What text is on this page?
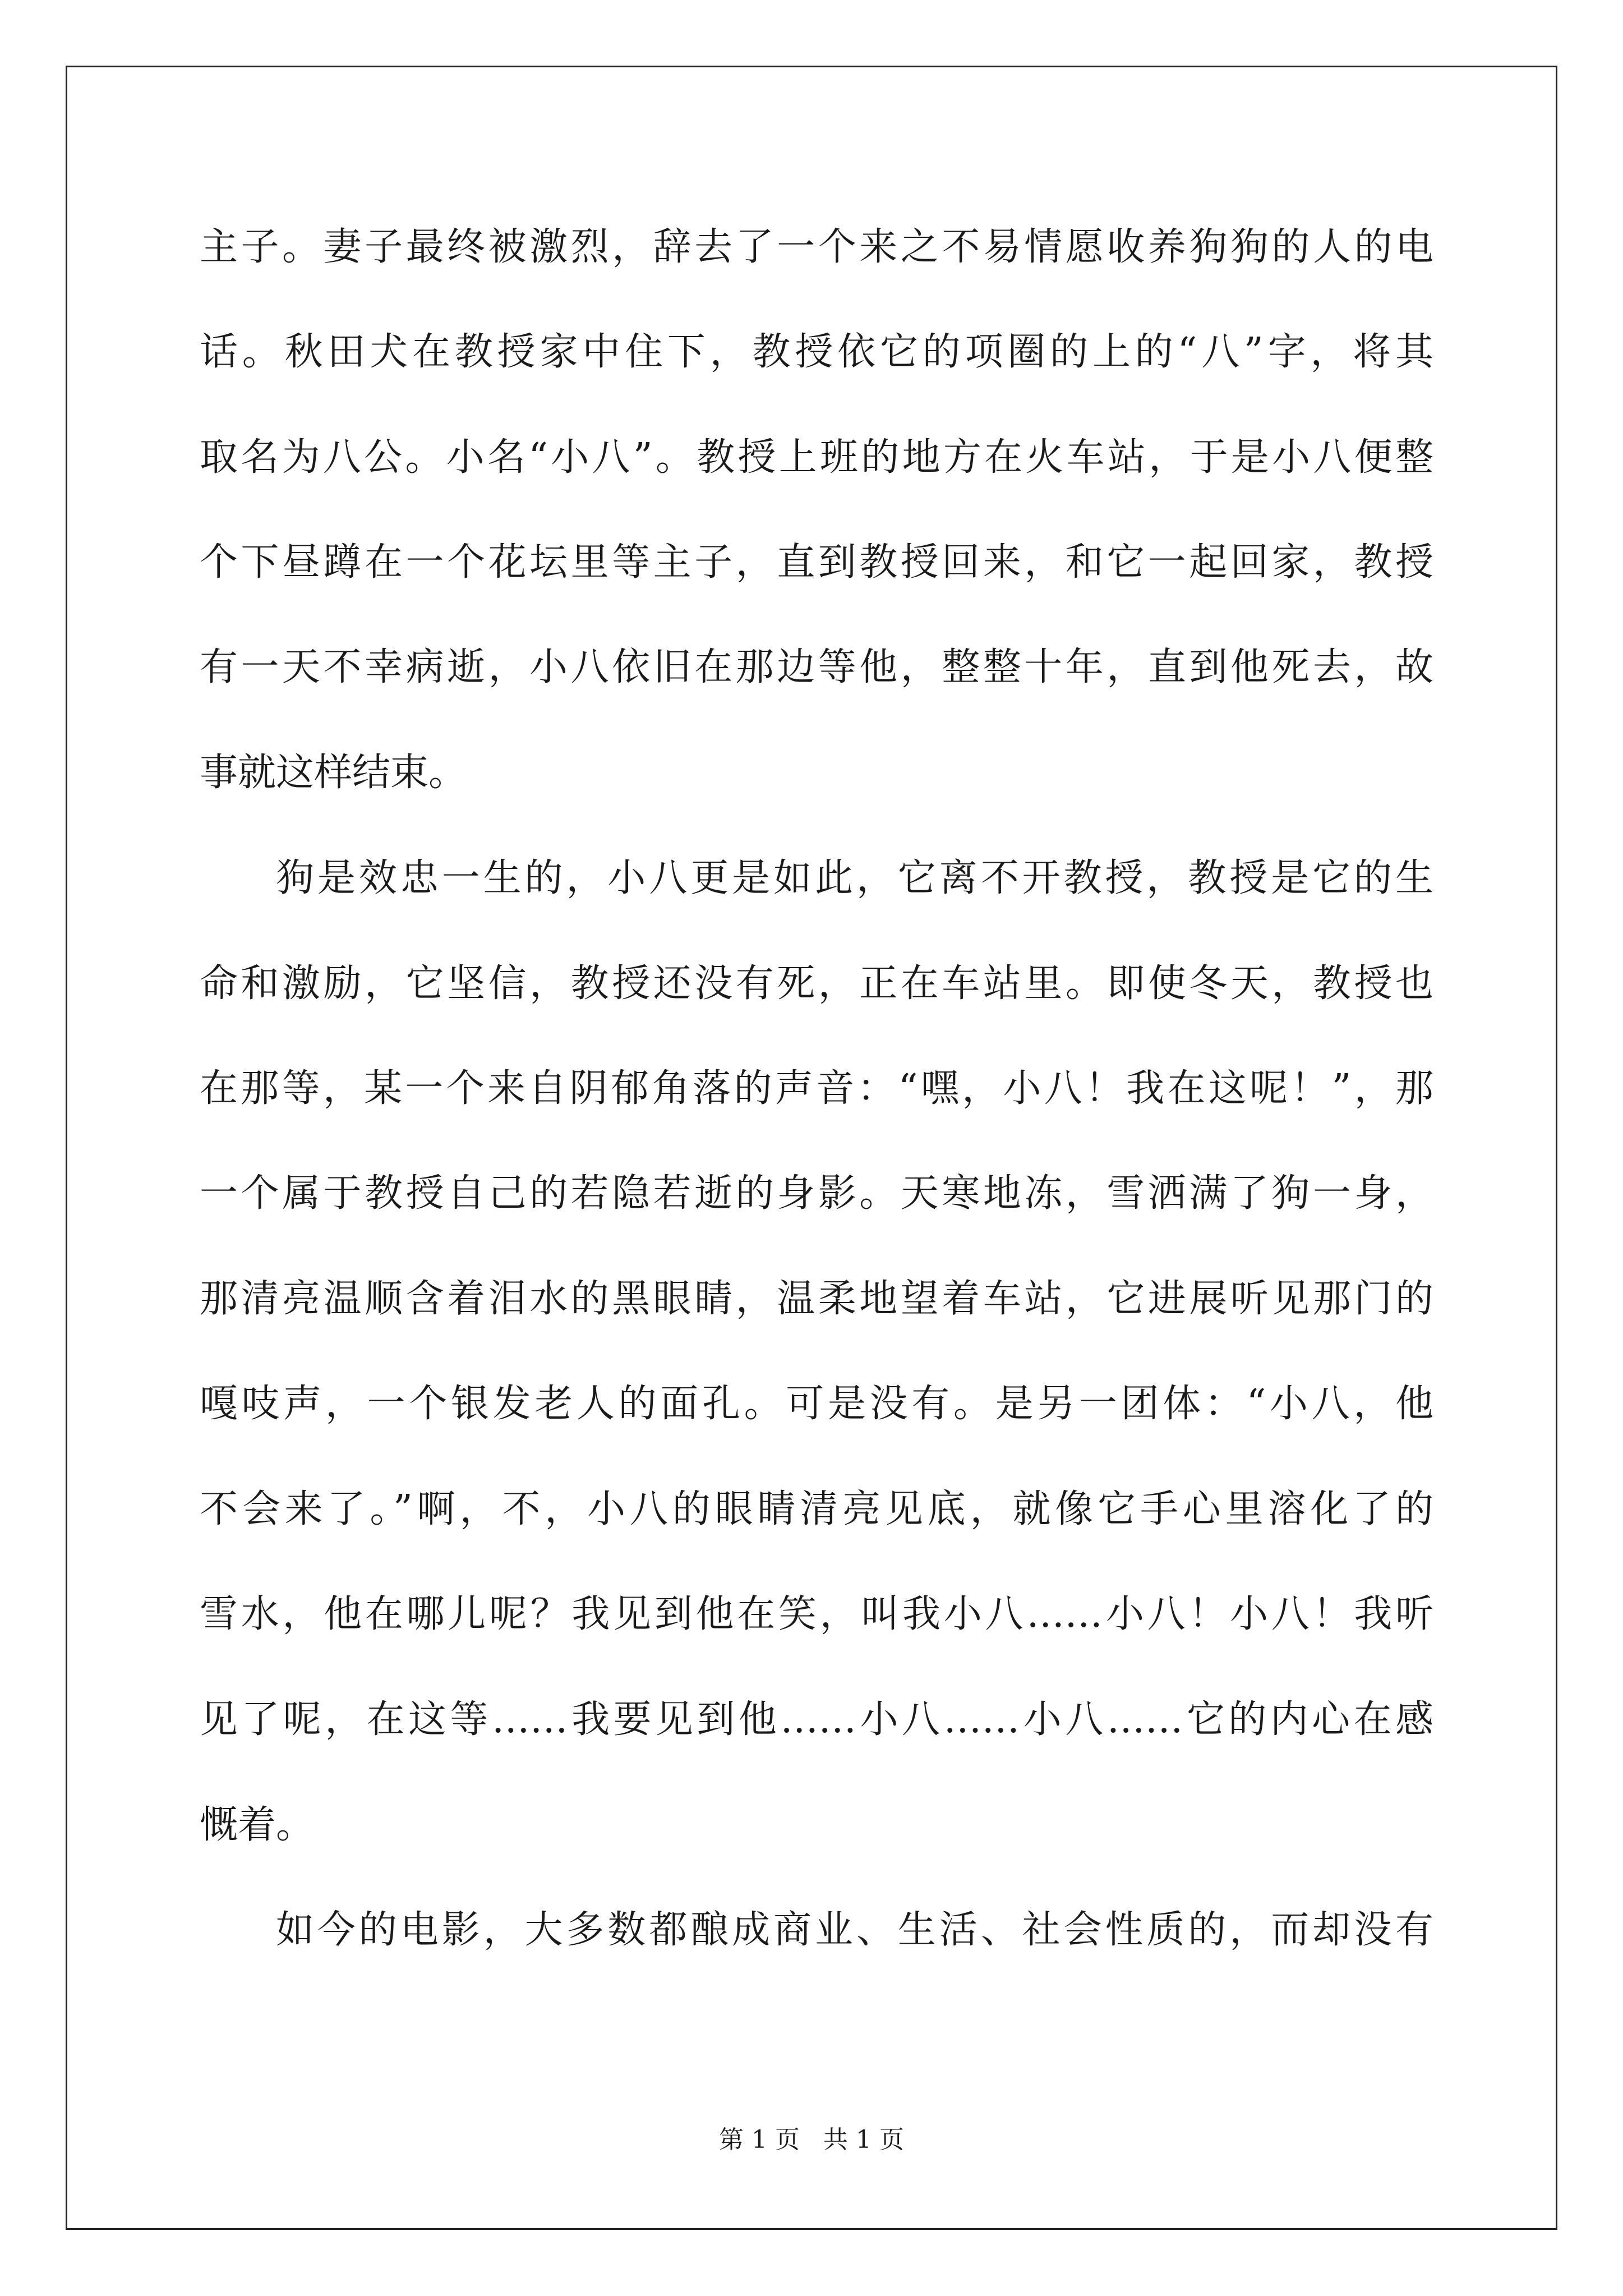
主子。妻子最终被激烈，辞去了一个来之不易情愿收养狗狗的人的电
话。秋田犬在教授家中住下，教授依它的项圈的上的“八”字，将其
取名为八公。小名“小八”。教授上班的地方在火车站，于是小八便整
个下昼蹲在一个花坛里等主子，直到教授回来，和它一起回家，教授
有一天不幸病逝，小八依旧在那边等他，整整十年，直到他死去，故
事就这样结束。
狗是效忠一生的，小八更是如此，它离不开教授，教授是它的生
命和激励，它坚信，教授还没有死，正在车站里。即使冬天，教授也
在那等，某一个来自阴郁角落的声音：“嘿，小八！我在这呢！”，那
一个属于教授自己的若隐若逝的身影。天寒地冻，雪洒满了狗一身，
那清亮温顺含着泪水的黑眼睛，温柔地望着车站，它进展听见那门的
嘎吱声，一个银发老人的面孔。可是没有。是另一团体：“小八，他
不会来了。”啊，不，小八的眼睛清亮见底，就像它手心里溶化了的
雪水，他在哪儿呢？我见到他在笑，叫我小八……小八！小八！我听
见了呢，在这等……我要见到他……小八……小八……它的内心在感
慨着。
如今的电影，大多数都酿成商业、生活、社会性质的，而却没有
第 1 页   共 1 页
